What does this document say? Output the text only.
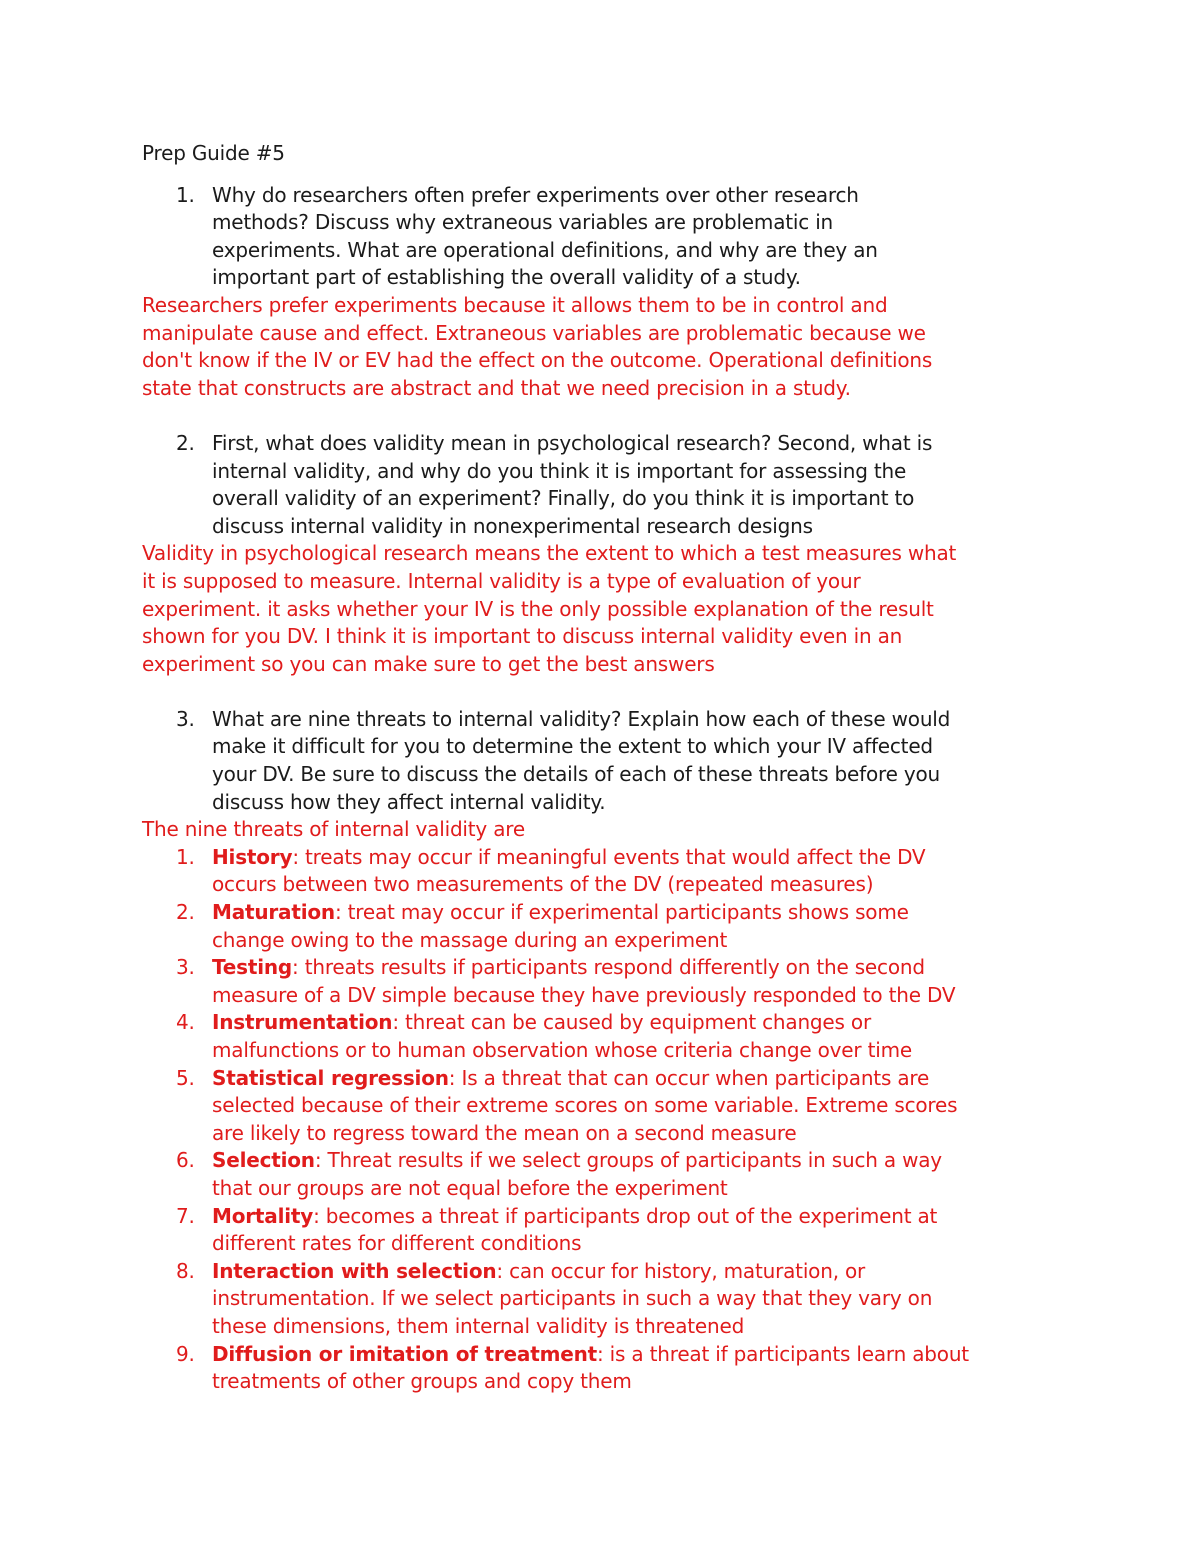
Prep Guide #5
1. Why do researchers often prefer experiments over other research
methods? Discuss why extraneous variables are problematic in
experiments. What are operational definitions, and why are they an
important part of establishing the overall validity of a study.
Researchers prefer experiments because it allows them to be in control and
manipulate cause and effect. Extraneous variables are problematic because we
don't know if the IV or EV had the effect on the outcome. Operational definitions
state that constructs are abstract and that we need precision in a study.
2. First, what does validity mean in psychological research? Second, what is
internal validity, and why do you think it is important for assessing the
overall validity of an experiment? Finally, do you think it is important to
discuss internal validity in nonexperimental research designs
Validity in psychological research means the extent to which a test measures what
it is supposed to measure. Internal validity is a type of evaluation of your
experiment. it asks whether your IV is the only possible explanation of the result
shown for you DV. I think it is important to discuss internal validity even in an
experiment so you can make sure to get the best answers
3. What are nine threats to internal validity? Explain how each of these would
make it difficult for you to determine the extent to which your IV affected
your DV. Be sure to discuss the details of each of these threats before you
discuss how they affect internal validity.
The nine threats of internal validity are
1. History: treats may occur if meaningful events that would affect the DV
occurs between two measurements of the DV (repeated measures)
2. Maturation: treat may occur if experimental participants shows some
change owing to the massage during an experiment
3. Testing: threats results if participants respond differently on the second
measure of a DV simple because they have previously responded to the DV
4. Instrumentation: threat can be caused by equipment changes or
malfunctions or to human observation whose criteria change over time
5. Statistical regression: Is a threat that can occur when participants are
selected because of their extreme scores on some variable. Extreme scores
are likely to regress toward the mean on a second measure
6. Selection: Threat results if we select groups of participants in such a way
that our groups are not equal before the experiment
7. Mortality: becomes a threat if participants drop out of the experiment at
different rates for different conditions
8. Interaction with selection: can occur for history, maturation, or
instrumentation. If we select participants in such a way that they vary on
these dimensions, them internal validity is threatened
9. Diffusion or imitation of treatment: is a threat if participants learn about
treatments of other groups and copy them
